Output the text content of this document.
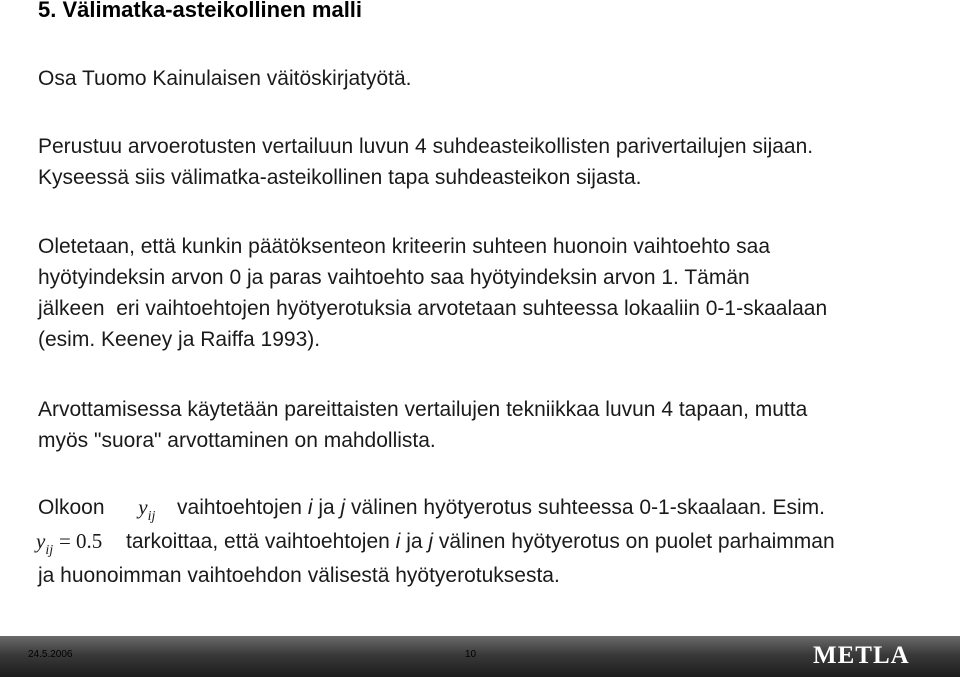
5. Välimatka-asteikollinen malli
Osa Tuomo Kainulaisen väitöskirjatyötä.
Perustuu arvoerotusten vertailuun luvun 4 suhdeasteikollisten parivertailujen sijaan.
Kyseessä siis välimatka-asteikollinen tapa suhdeasteikon sijasta.
Oletetaan, että kunkin päätöksenteon kriteerin suhteen huonoin vaihtoehto saa
hyötyindeksin arvon 0 ja paras vaihtoehto saa hyötyindeksin arvon 1. Tämän
jälkeen  eri vaihtoehtojen hyötyerotuksia arvotetaan suhteessa lokaaliin 0-1-skaalaan
(esim. Keeney ja Raiffa 1993).
Arvottamisessa käytetään pareittaisten vertailujen tekniikkaa luvun 4 tapaan, mutta
myös "suora" arvottaminen on mahdollista.
Olkoon $y_{ij}$ vaihtoehtojen i ja j välinen hyötyerotus suhteessa 0-1-skaalaan. Esim.
$y_{ij} = 0.5$ tarkoittaa, että vaihtoehtojen i ja j välinen hyötyerotus on puolet parhaimman
ja huonoimman vaihtoehdon välisestä hyötyerotuksesta.
24.5.2006	10	METLA
